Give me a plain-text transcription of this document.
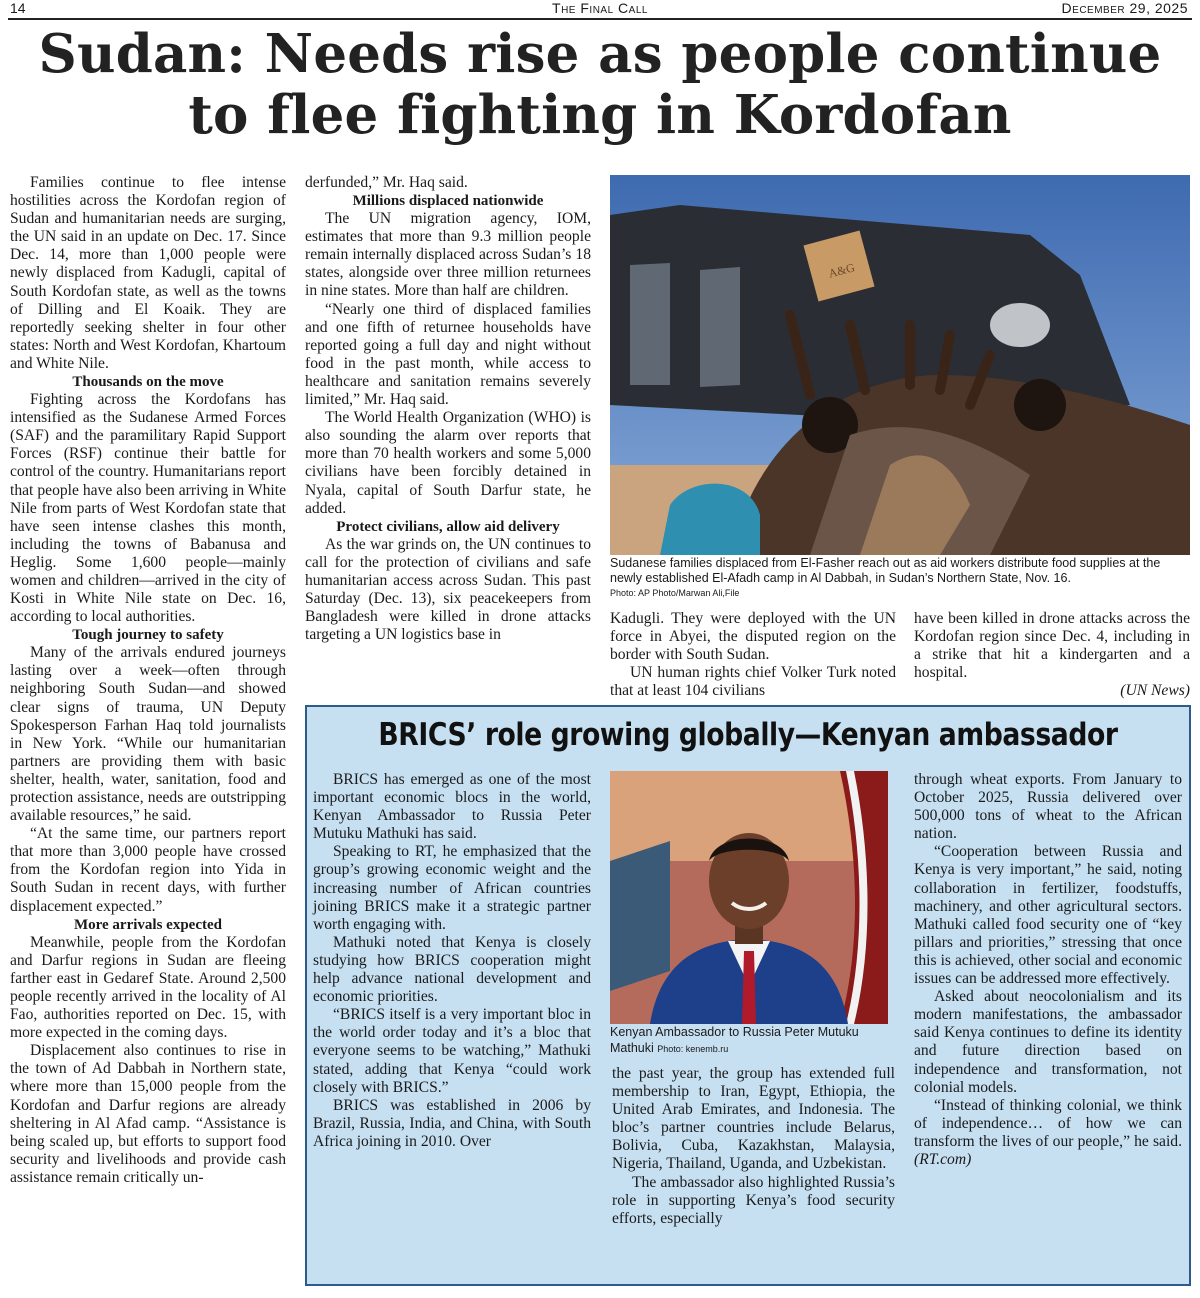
14	The Final Call	December 29, 2025
Sudan: Needs rise as people continue
to flee fighting in Kordofan

Families continue to flee intense hostilities across the Kordofan region of Sudan and humanitarian needs are surging, the UN said in an update on Dec. 17. Since Dec. 14, more than 1,000 people were newly displaced from Kadugli, capital of South Kordofan state, as well as the towns of Dilling and El Koaik. They are reportedly seeking shelter in four other states: North and West Kordofan, Khartoum and White Nile.

Thousands on the move

Fighting across the Kordofans has intensified as the Sudanese Armed Forces (SAF) and the paramilitary Rapid Support Forces (RSF) continue their battle for control of the country. Humanitarians report that people have also been arriving in White Nile from parts of West Kordofan state that have seen intense clashes this month, including the towns of Babanusa and Heglig. Some 1,600 people—mainly women and children—arrived in the city of Kosti in White Nile state on Dec. 16, according to local authorities.

Tough journey to safety

Many of the arrivals endured journeys lasting over a week—often through neighboring South Sudan—and showed clear signs of trauma, UN Deputy Spokesperson Farhan Haq told journalists in New York. “While our humanitarian partners are providing them with basic shelter, health, water, sanitation, food and protection assistance, needs are outstripping available resources,” he said.

“At the same time, our partners report that more than 3,000 people have crossed from the Kordofan region into Yida in South Sudan in recent days, with further displacement expected.”

More arrivals expected

Meanwhile, people from the Kordofan and Darfur regions in Sudan are fleeing farther east in Gedaref State. Around 2,500 people recently arrived in the locality of Al Fao, authorities reported on Dec. 15, with more expected in the coming days.

Displacement also continues to rise in the town of Ad Dabbah in Northern state, where more than 15,000 people from the Kordofan and Darfur regions are already sheltering in Al Afad camp. “Assistance is being scaled up, but efforts to support food security and livelihoods and provide cash assistance remain critically un-

derfunded,” Mr. Haq said.

Millions displaced nationwide

The UN migration agency, IOM, estimates that more than 9.3 million people remain internally displaced across Sudan’s 18 states, alongside over three million returnees in nine states. More than half are children.

“Nearly one third of displaced families and one fifth of returnee households have reported going a full day and night without food in the past month, while access to healthcare and sanitation remains severely limited,” Mr. Haq said.

The World Health Organization (WHO) is also sounding the alarm over reports that more than 70 health workers and some 5,000 civilians have been forcibly detained in Nyala, capital of South Darfur state, he added.

Protect civilians, allow aid delivery

As the war grinds on, the UN continues to call for the protection of civilians and safe humanitarian access across Sudan. This past Saturday (Dec. 13), six peacekeepers from Bangladesh were killed in drone attacks targeting a UN logistics base in

A&G
Sudanese families displaced from El-Fasher reach out as aid workers distribute food supplies at the newly established El-Afadh camp in Al Dabbah, in Sudan’s Northern State, Nov. 16.
Photo: AP Photo/Marwan Ali,File

Kadugli. They were deployed with the UN force in Abyei, the disputed region on the border with South Sudan.

UN human rights chief Volker Turk noted that at least 104 civilians

have been killed in drone attacks across the Kordofan region since Dec. 4, including in a strike that hit a kindergarten and a hospital.

(UN News)

BRICS’ role growing globally—Kenyan ambassador

BRICS has emerged as one of the most important economic blocs in the world, Kenyan Ambassador to Russia Peter Mutuku Mathuki has said.

Speaking to RT, he emphasized that the group’s growing economic weight and the increasing number of African countries joining BRICS make it a strategic partner worth engaging with.

Mathuki noted that Kenya is closely studying how BRICS cooperation might help advance national development and economic priorities.

“BRICS itself is a very important bloc in the world order today and it’s a bloc that everyone seems to be watching,” Mathuki stated, adding that Kenya “could work closely with BRICS.”

BRICS was established in 2006 by Brazil, Russia, India, and China, with South Africa joining in 2010. Over

Kenyan Ambassador to Russia Peter Mutuku Mathuki Photo: kenemb.ru

the past year, the group has extended full membership to Iran, Egypt, Ethiopia, the United Arab Emirates, and Indonesia. The bloc’s partner countries include Belarus, Bolivia, Cuba, Kazakhstan, Malaysia, Nigeria, Thailand, Uganda, and Uzbekistan.

The ambassador also highlighted Russia’s role in supporting Kenya’s food security efforts, especially

through wheat exports. From January to October 2025, Russia delivered over 500,000 tons of wheat to the African nation.

“Cooperation between Russia and Kenya is very important,” he said, noting collaboration in fertilizer, foodstuffs, machinery, and other agricultural sectors. Mathuki called food security one of “key pillars and priorities,” stressing that once this is achieved, other social and economic issues can be addressed more effectively.

Asked about neocolonialism and its modern manifestations, the ambassador said Kenya continues to define its identity and future direction based on independence and transformation, not colonial models.

“Instead of thinking colonial, we think of independence… of how we can transform the lives of our people,” he said. (RT.com)
